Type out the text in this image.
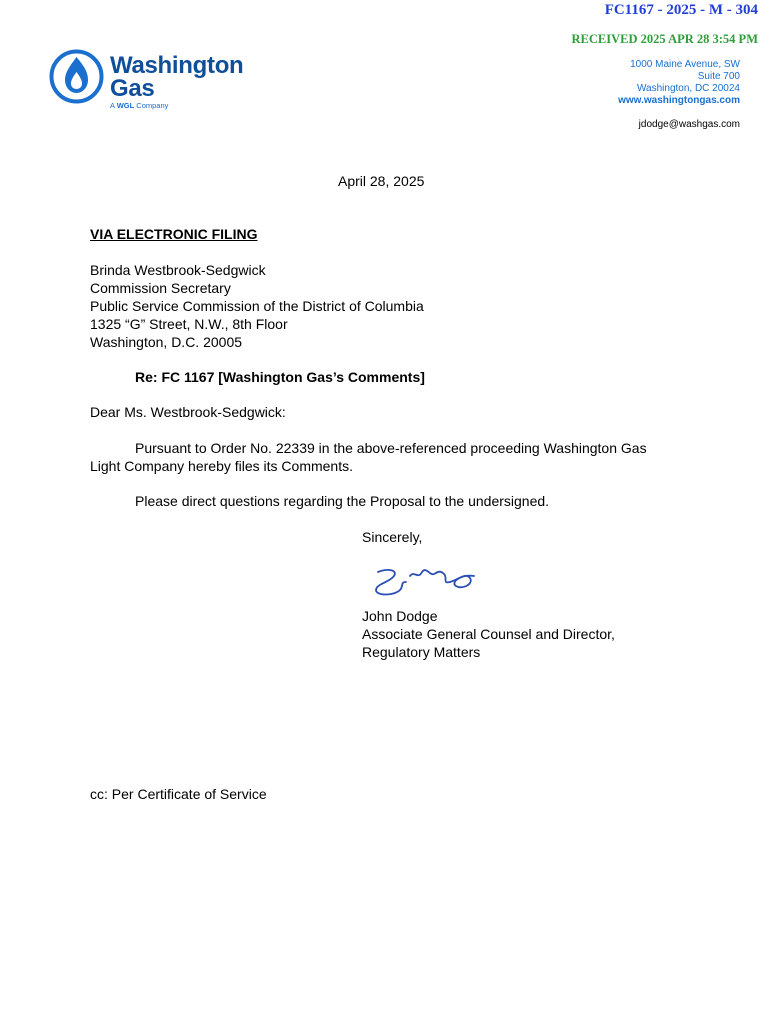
FC1167 - 2025 - M - 304
RECEIVED 2025 APR 28 3:54 PM
Washington
Gas
A WGL Company
1000 Maine Avenue, SW
Suite 700
Washington, DC 20024
www.washingtongas.com
jdodge@washgas.com
April 28, 2025
VIA ELECTRONIC FILING
Brinda Westbrook-Sedgwick
Commission Secretary
Public Service Commission of the District of Columbia
1325 “G” Street, N.W., 8th Floor
Washington, D.C. 20005
Re: FC 1167 [Washington Gas’s Comments]
Dear Ms. Westbrook-Sedgwick:
Pursuant to Order No. 22339 in the above-referenced proceeding Washington Gas
Light Company hereby files its Comments.
Please direct questions regarding the Proposal to the undersigned.
Sincerely,
John Dodge
Associate General Counsel and Director,
Regulatory Matters
cc: Per Certificate of Service
